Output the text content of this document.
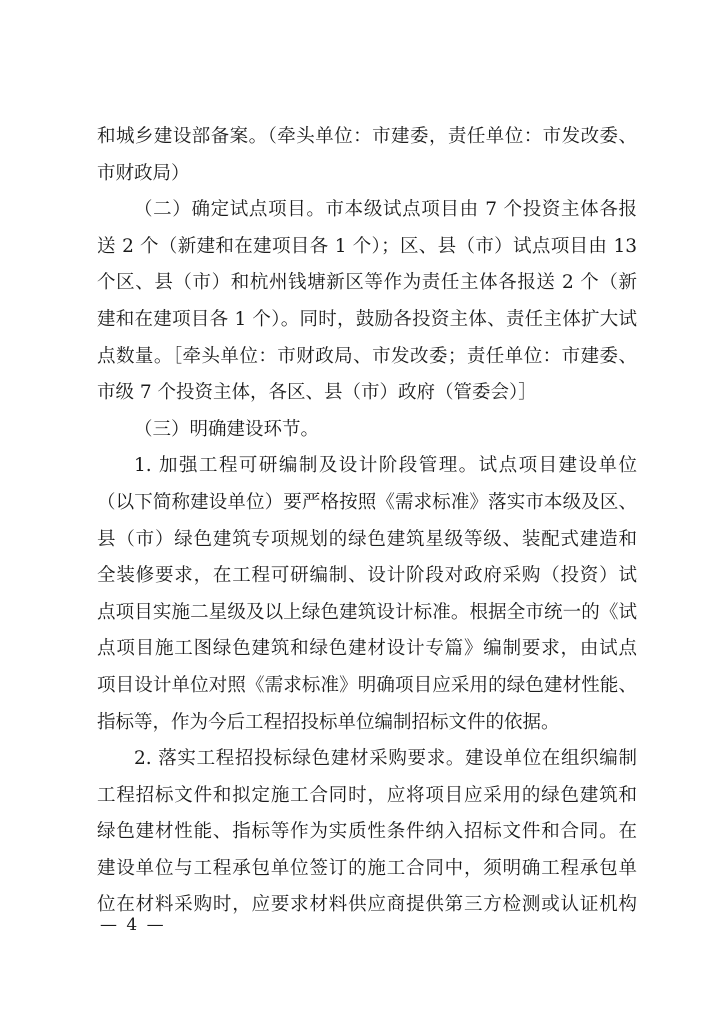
和城乡建设部备案。（牵头单位：市建委，责任单位：市发改委、
市财政局）
（二）确定试点项目。市本级试点项目由 7 个投资主体各报
送 2 个（新建和在建项目各 1 个）；区、县（市）试点项目由 13
个区、县（市）和杭州钱塘新区等作为责任主体各报送 2 个（新
建和在建项目各 1 个）。同时，鼓励各投资主体、责任主体扩大试
点数量。［牵头单位：市财政局、市发改委；责任单位：市建委、
市级 7 个投资主体，各区、县（市）政府（管委会）］
（三）明确建设环节。
1. 加强工程可研编制及设计阶段管理。试点项目建设单位
（以下简称建设单位）要严格按照《需求标准》落实市本级及区、
县（市）绿色建筑专项规划的绿色建筑星级等级、装配式建造和
全装修要求，在工程可研编制、设计阶段对政府采购（投资）试
点项目实施二星级及以上绿色建筑设计标准。根据全市统一的《试
点项目施工图绿色建筑和绿色建材设计专篇》编制要求，由试点
项目设计单位对照《需求标准》明确项目应采用的绿色建材性能、
指标等，作为今后工程招投标单位编制招标文件的依据。
2. 落实工程招投标绿色建材采购要求。建设单位在组织编制
工程招标文件和拟定施工合同时，应将项目应采用的绿色建筑和
绿色建材性能、指标等作为实质性条件纳入招标文件和合同。在
建设单位与工程承包单位签订的施工合同中，须明确工程承包单
位在材料采购时，应要求材料供应商提供第三方检测或认证机构
— 4 —
